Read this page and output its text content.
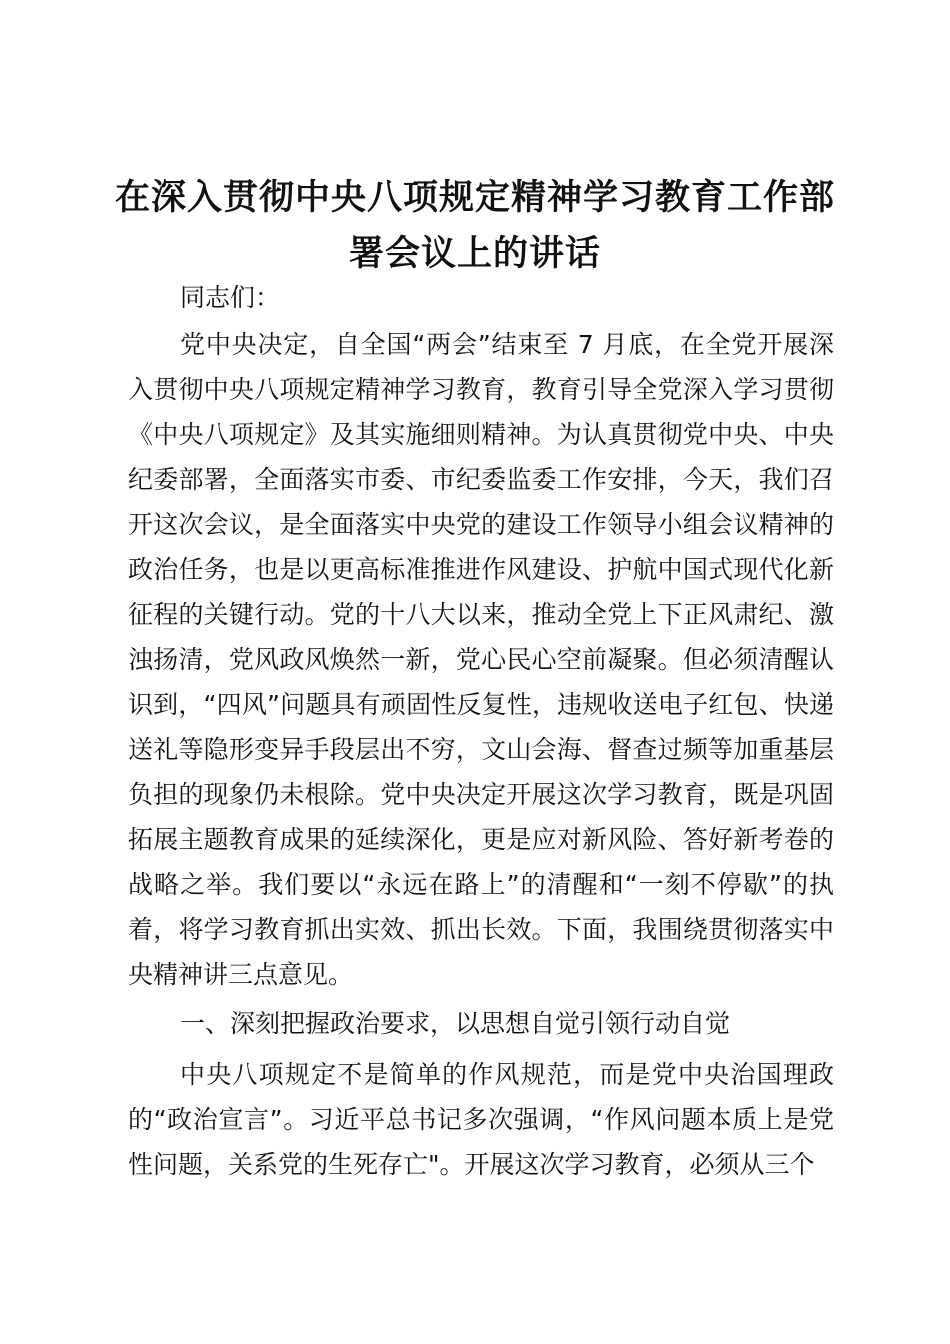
在深入贯彻中央八项规定精神学习教育工作部署会议上的讲话

同志们：

党中央决定，自全国“两会”结束至 7 月底，在全党开展深入贯彻中央八项规定精神学习教育，教育引导全党深入学习贯彻《中央八项规定》及其实施细则精神。为认真贯彻党中央、中央纪委部署，全面落实市委、市纪委监委工作安排，今天，我们召开这次会议，是全面落实中央党的建设工作领导小组会议精神的政治任务，也是以更高标准推进作风建设、护航中国式现代化新征程的关键行动。党的十八大以来，推动全党上下正风肃纪、激浊扬清，党风政风焕然一新，党心民心空前凝聚。但必须清醒认识到，“四风”问题具有顽固性反复性，违规收送电子红包、快递送礼等隐形变异手段层出不穷，文山会海、督查过频等加重基层负担的现象仍未根除。党中央决定开展这次学习教育，既是巩固拓展主题教育成果的延续深化，更是应对新风险、答好新考卷的战略之举。我们要以“永远在路上”的清醒和“一刻不停歇”的执着，将学习教育抓出实效、抓出长效。下面，我围绕贯彻落实中央精神讲三点意见。

一、深刻把握政治要求，以思想自觉引领行动自觉

中央八项规定不是简单的作风规范，而是党中央治国理政的“政治宣言”。习近平总书记多次强调，“作风问题本质上是党性问题，关系党的生死存亡"。开展这次学习教育，必须从三个
